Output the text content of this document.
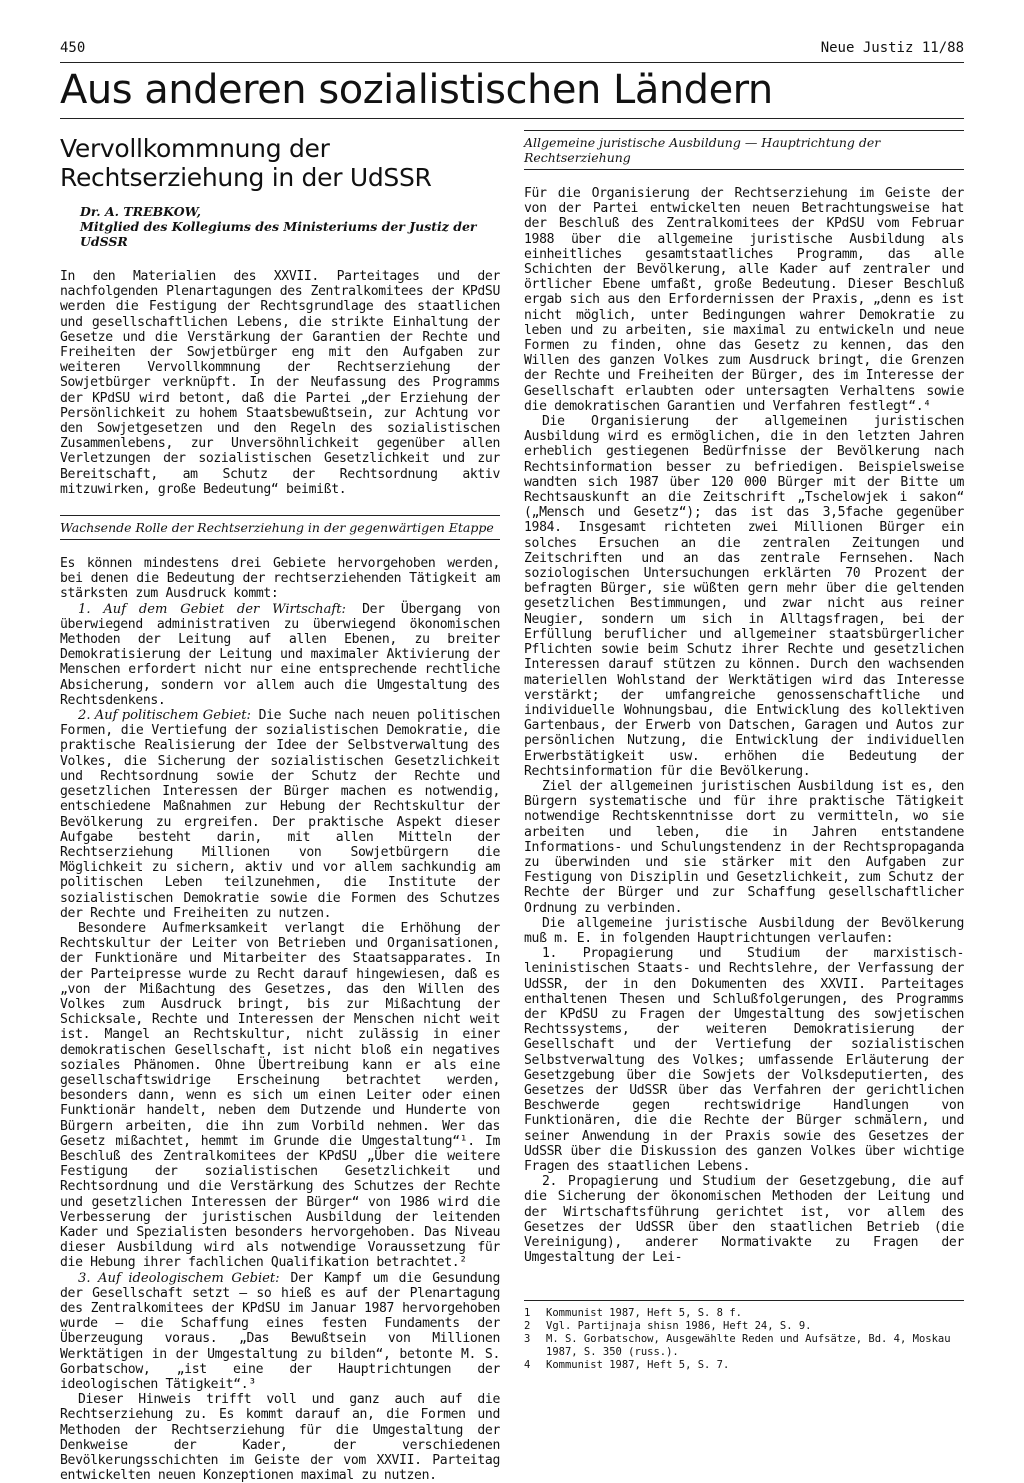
450	Neue Justiz 11/88
Aus anderen sozialistischen Ländern
Vervollkommnung der Rechtserziehung in der UdSSR
Dr. A. TREBKOW,
Mitglied des Kollegiums des Ministeriums der Justiz der UdSSR

In den Materialien des XXVII. Parteitages und der nachfolgenden Plenartagungen des Zentralkomitees der KPdSU werden die Festigung der Rechtsgrundlage des staatlichen und gesellschaftlichen Lebens, die strikte Einhaltung der Gesetze und die Verstärkung der Garantien der Rechte und Freiheiten der Sowjetbürger eng mit den Aufgaben zur weiteren Vervollkommnung der Rechtserziehung der Sowjetbürger verknüpft. In der Neufassung des Programms der KPdSU wird betont, daß die Partei „der Erziehung der Persönlichkeit zu hohem Staatsbewußtsein, zur Achtung vor den Sowjetgesetzen und den Regeln des sozialistischen Zusammenlebens, zur Unversöhnlichkeit gegenüber allen Verletzungen der sozialistischen Gesetzlichkeit und zur Bereitschaft, am Schutz der Rechtsordnung aktiv mitzuwirken, große Bedeutung“ beimißt.

Wachsende Rolle der Rechtserziehung in der gegenwärtigen Etappe

Es können mindestens drei Gebiete hervorgehoben werden, bei denen die Bedeutung der rechtserziehenden Tätigkeit am stärksten zum Ausdruck kommt:

1. Auf dem Gebiet der Wirtschaft: Der Übergang von überwiegend administrativen zu überwiegend ökonomischen Methoden der Leitung auf allen Ebenen, zu breiter Demokratisierung der Leitung und maximaler Aktivierung der Menschen erfordert nicht nur eine entsprechende rechtliche Absicherung, sondern vor allem auch die Umgestaltung des Rechtsdenkens.

2. Auf politischem Gebiet: Die Suche nach neuen politischen Formen, die Vertiefung der sozialistischen Demokratie, die praktische Realisierung der Idee der Selbstverwaltung des Volkes, die Sicherung der sozialistischen Gesetzlichkeit und Rechtsordnung sowie der Schutz der Rechte und gesetzlichen Interessen der Bürger machen es notwendig, entschiedene Maßnahmen zur Hebung der Rechtskultur der Bevölkerung zu ergreifen. Der praktische Aspekt dieser Aufgabe besteht darin, mit allen Mitteln der Rechtserziehung Millionen von Sowjetbürgern die Möglichkeit zu sichern, aktiv und vor allem sachkundig am politischen Leben teilzunehmen, die Institute der sozialistischen Demokratie sowie die Formen des Schutzes der Rechte und Freiheiten zu nutzen.

Besondere Aufmerksamkeit verlangt die Erhöhung der Rechtskultur der Leiter von Betrieben und Organisationen, der Funktionäre und Mitarbeiter des Staatsapparates. In der Parteipresse wurde zu Recht darauf hingewiesen, daß es „von der Mißachtung des Gesetzes, das den Willen des Volkes zum Ausdruck bringt, bis zur Mißachtung der Schicksale, Rechte und Interessen der Menschen nicht weit ist. Mangel an Rechtskultur, nicht zulässig in einer demokratischen Gesellschaft, ist nicht bloß ein negatives soziales Phänomen. Ohne Übertreibung kann er als eine gesellschaftswidrige Erscheinung betrachtet werden, besonders dann, wenn es sich um einen Leiter oder einen Funktionär handelt, neben dem Dutzende und Hunderte von Bürgern arbeiten, die ihn zum Vorbild nehmen. Wer das Gesetz mißachtet, hemmt im Grunde die Umgestaltung“¹. Im Beschluß des Zentralkomitees der KPdSU „Über die weitere Festigung der sozialistischen Gesetzlichkeit und Rechtsordnung und die Verstärkung des Schutzes der Rechte und gesetzlichen Interessen der Bürger“ von 1986 wird die Verbesserung der juristischen Ausbildung der leitenden Kader und Spezialisten besonders hervorgehoben. Das Niveau dieser Ausbildung wird als notwendige Voraussetzung für die Hebung ihrer fachlichen Qualifikation betrachtet.²

3. Auf ideologischem Gebiet: Der Kampf um die Gesundung der Gesellschaft setzt — so hieß es auf der Plenartagung des Zentralkomitees der KPdSU im Januar 1987 hervorgehoben wurde — die Schaffung eines festen Fundaments der Überzeugung voraus. „Das Bewußtsein von Millionen Werktätigen in der Umgestaltung zu bilden“, betonte M. S. Gorbatschow, „ist eine der Hauptrichtungen der ideologischen Tätigkeit“.³

Dieser Hinweis trifft voll und ganz auch auf die Rechtserziehung zu. Es kommt darauf an, die Formen und Methoden der Rechtserziehung für die Umgestaltung der Denkweise der Kader, der verschiedenen Bevölkerungsschichten im Geiste der vom XXVII. Parteitag entwickelten neuen Konzeptionen maximal zu nutzen.

Allgemeine juristische Ausbildung — Hauptrichtung der Rechtserziehung

Für die Organisierung der Rechtserziehung im Geiste der von der Partei entwickelten neuen Betrachtungsweise hat der Beschluß des Zentralkomitees der KPdSU vom Februar 1988 über die allgemeine juristische Ausbildung als einheitliches gesamtstaatliches Programm, das alle Schichten der Bevölkerung, alle Kader auf zentraler und örtlicher Ebene umfaßt, große Bedeutung. Dieser Beschluß ergab sich aus den Erfordernissen der Praxis, „denn es ist nicht möglich, unter Bedingungen wahrer Demokratie zu leben und zu arbeiten, sie maximal zu entwickeln und neue Formen zu finden, ohne das Gesetz zu kennen, das den Willen des ganzen Volkes zum Ausdruck bringt, die Grenzen der Rechte und Freiheiten der Bürger, des im Interesse der Gesellschaft erlaubten oder untersagten Verhaltens sowie die demokratischen Garantien und Verfahren festlegt“.⁴

Die Organisierung der allgemeinen juristischen Ausbildung wird es ermöglichen, die in den letzten Jahren erheblich gestiegenen Bedürfnisse der Bevölkerung nach Rechtsinformation besser zu befriedigen. Beispielsweise wandten sich 1987 über 120 000 Bürger mit der Bitte um Rechtsauskunft an die Zeitschrift „Tschelowjek i sakon“ („Mensch und Gesetz“); das ist das 3,5fache gegenüber 1984. Insgesamt richteten zwei Millionen Bürger ein solches Ersuchen an die zentralen Zeitungen und Zeitschriften und an das zentrale Fernsehen. Nach soziologischen Untersuchungen erklärten 70 Prozent der befragten Bürger, sie wüßten gern mehr über die geltenden gesetzlichen Bestimmungen, und zwar nicht aus reiner Neugier, sondern um sich in Alltagsfragen, bei der Erfüllung beruflicher und allgemeiner staatsbürgerlicher Pflichten sowie beim Schutz ihrer Rechte und gesetzlichen Interessen darauf stützen zu können. Durch den wachsenden materiellen Wohlstand der Werktätigen wird das Interesse verstärkt; der umfangreiche genossenschaftliche und individuelle Wohnungsbau, die Entwicklung des kollektiven Gartenbaus, der Erwerb von Datschen, Garagen und Autos zur persönlichen Nutzung, die Entwicklung der individuellen Erwerbstätigkeit usw. erhöhen die Bedeutung der Rechtsinformation für die Bevölkerung.

Ziel der allgemeinen juristischen Ausbildung ist es, den Bürgern systematische und für ihre praktische Tätigkeit notwendige Rechtskenntnisse dort zu vermitteln, wo sie arbeiten und leben, die in Jahren entstandene Informations- und Schulungstendenz in der Rechtspropaganda zu überwinden und sie stärker mit den Aufgaben zur Festigung von Disziplin und Gesetzlichkeit, zum Schutz der Rechte der Bürger und zur Schaffung gesellschaftlicher Ordnung zu verbinden.

Die allgemeine juristische Ausbildung der Bevölkerung muß m. E. in folgenden Hauptrichtungen verlaufen:

1. Propagierung und Studium der marxistisch-leninistischen Staats- und Rechtslehre, der Verfassung der UdSSR, der in den Dokumenten des XXVII. Parteitages enthaltenen Thesen und Schlußfolgerungen, des Programms der KPdSU zu Fragen der Umgestaltung des sowjetischen Rechtssystems, der weiteren Demokratisierung der Gesellschaft und der Vertiefung der sozialistischen Selbstverwaltung des Volkes; umfassende Erläuterung der Gesetzgebung über die Sowjets der Volksdeputierten, des Gesetzes der UdSSR über das Verfahren der gerichtlichen Beschwerde gegen rechtswidrige Handlungen von Funktionären, die die Rechte der Bürger schmälern, und seiner Anwendung in der Praxis sowie des Gesetzes der UdSSR über die Diskussion des ganzen Volkes über wichtige Fragen des staatlichen Lebens.

2. Propagierung und Studium der Gesetzgebung, die auf die Sicherung der ökonomischen Methoden der Leitung und der Wirtschaftsführung gerichtet ist, vor allem des Gesetzes der UdSSR über den staatlichen Betrieb (die Vereinigung), anderer Normativakte zu Fragen der Umgestaltung der Lei-

1	Kommunist 1987, Heft 5, S. 8 f.
2	Vgl. Partijnaja shisn 1986, Heft 24, S. 9.
3	M. S. Gorbatschow, Ausgewählte Reden und Aufsätze, Bd. 4, Moskau 1987, S. 350 (russ.).
4	Kommunist 1987, Heft 5, S. 7.
